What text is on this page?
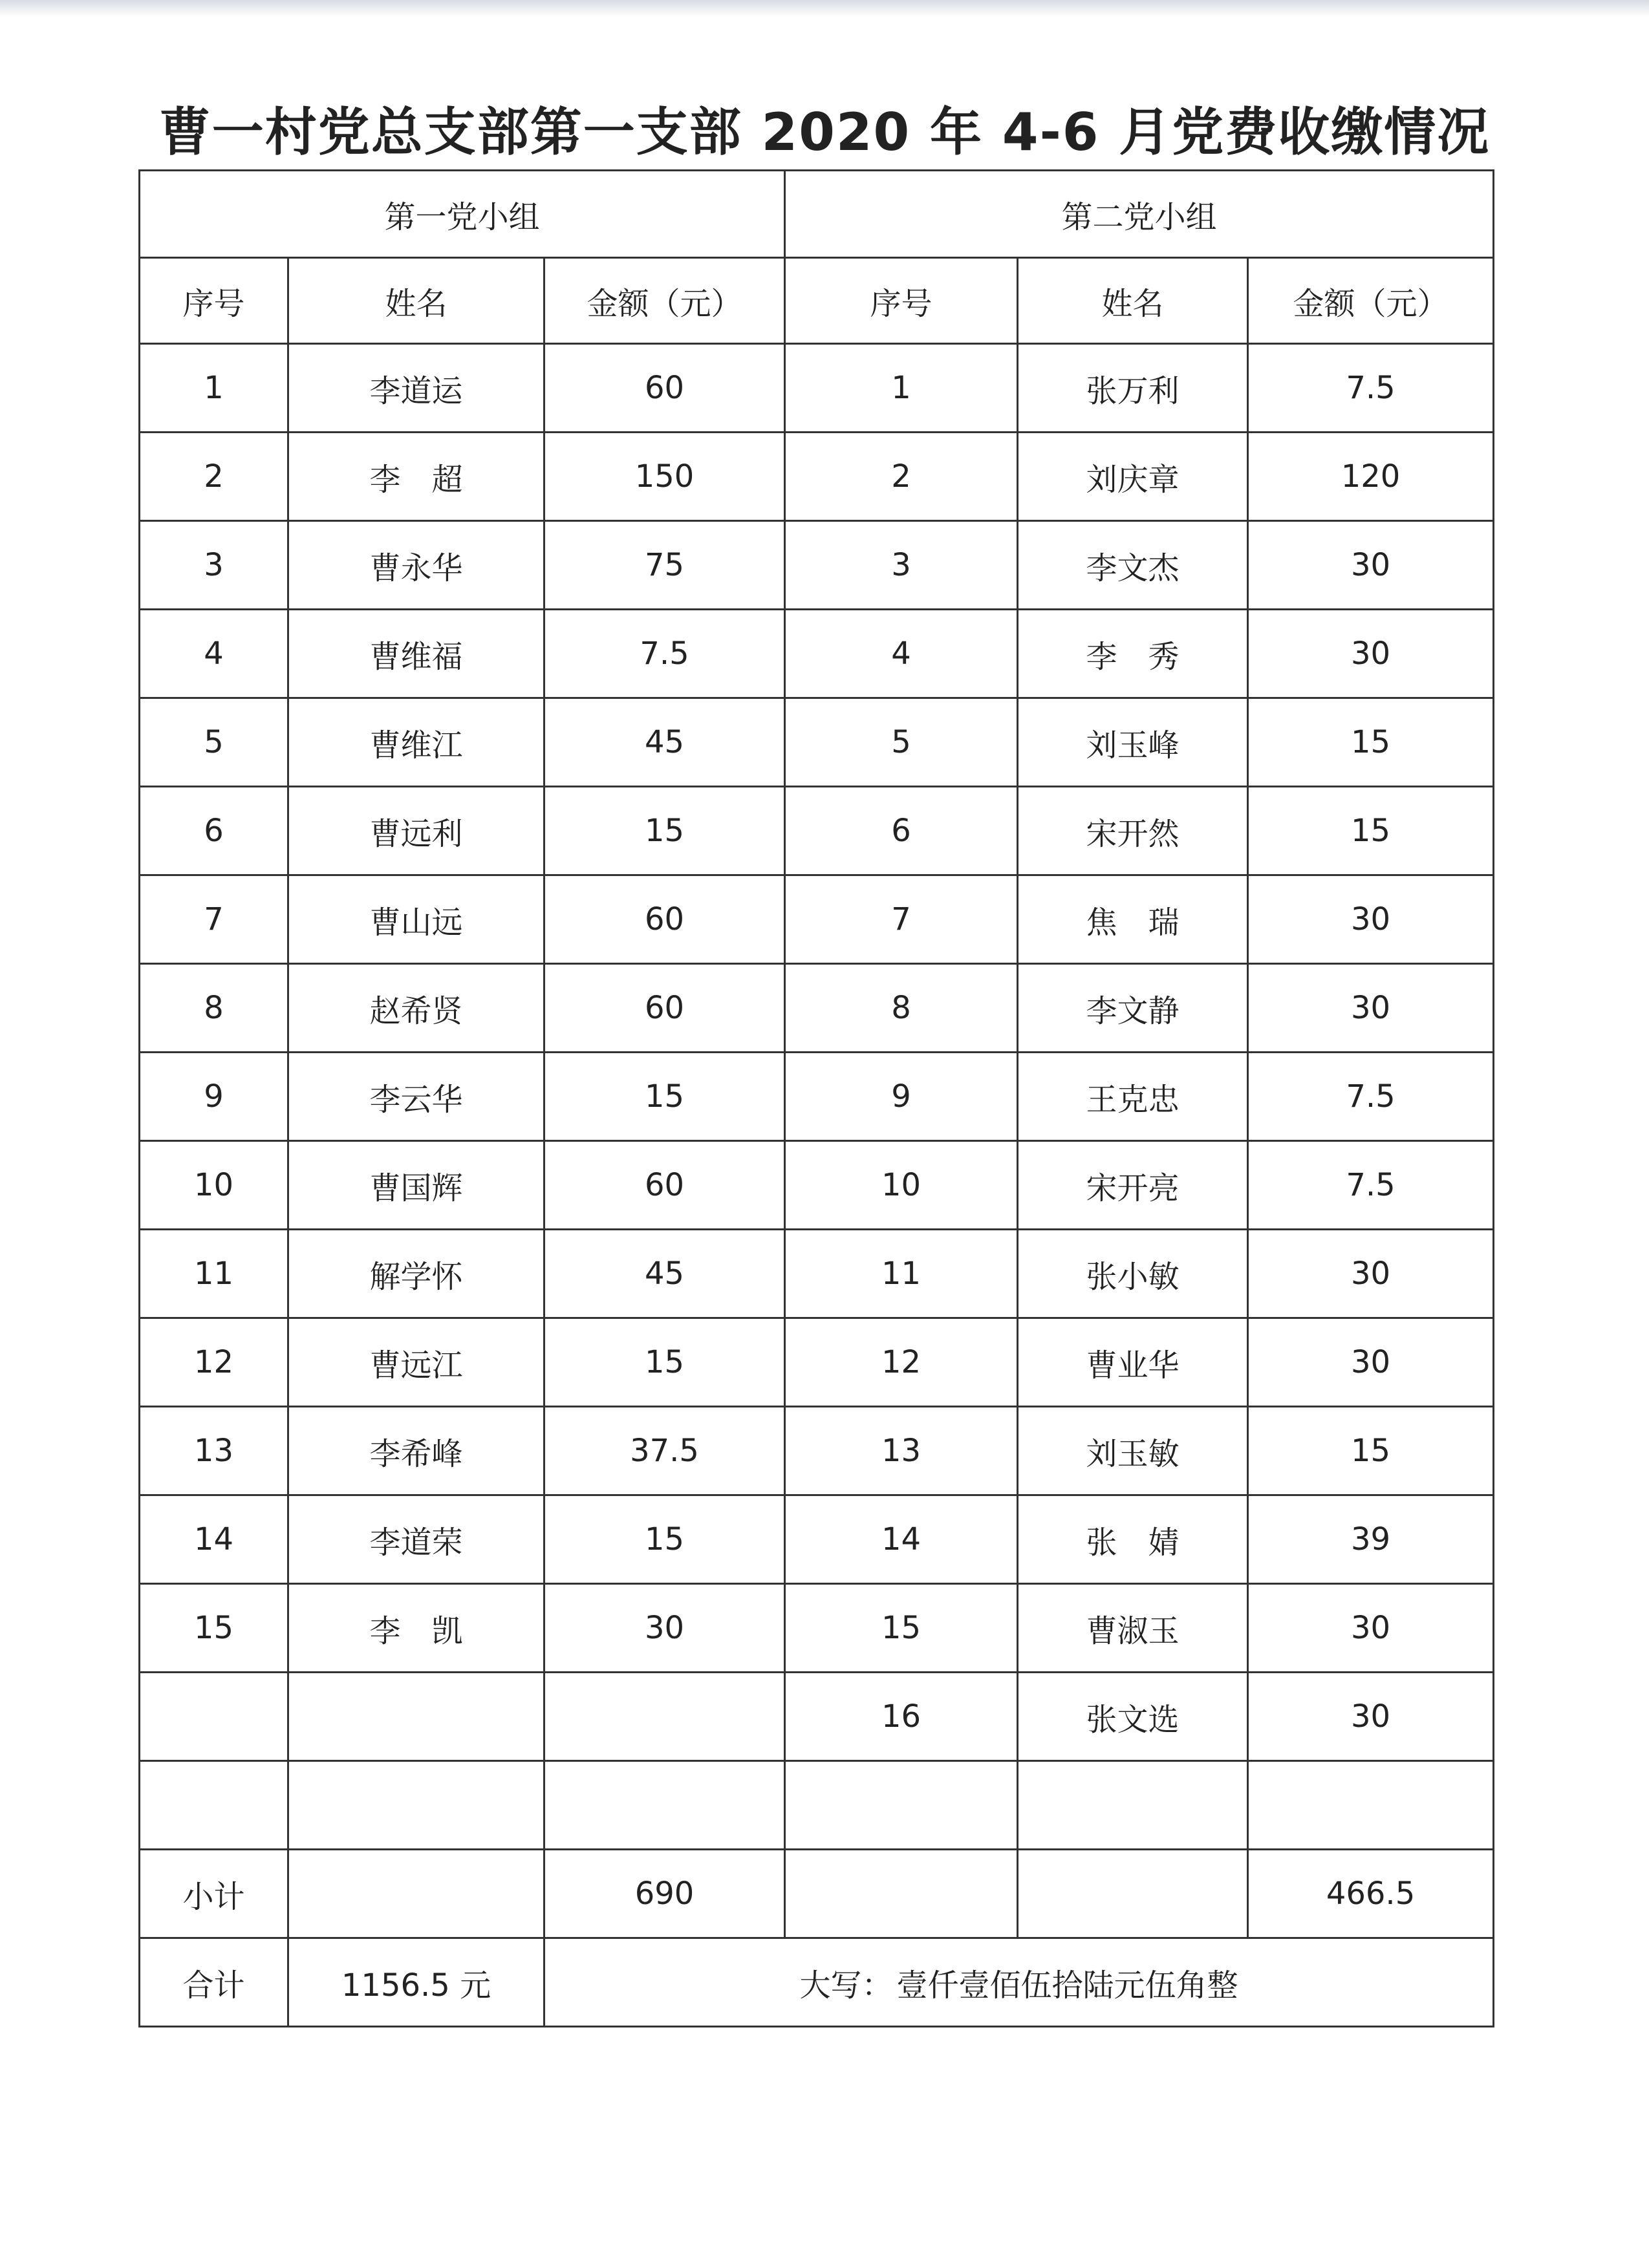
曹一村党总支部第一支部 2020 年 4-6 月党费收缴情况
第一党小组			第二党小组		
序号	姓名	金额（元）	序号	姓名	金额（元）
1	李道运	60	1	张万利	7.5
2	李　超	150	2	刘庆章	120
3	曹永华	75	3	李文杰	30
4	曹维福	7.5	4	李　秀	30
5	曹维江	45	5	刘玉峰	15
6	曹远利	15	6	宋开然	15
7	曹山远	60	7	焦　瑞	30
8	赵希贤	60	8	李文静	30
9	李云华	15	9	王克忠	7.5
10	曹国辉	60	10	宋开亮	7.5
11	解学怀	45	11	张小敏	30
12	曹远江	15	12	曹业华	30
13	李希峰	37.5	13	刘玉敏	15
14	李道荣	15	14	张　婧	39
15	李　凯	30	15	曹淑玉	30
			16	张文选	30

小计		690			466.5
合计	1156.5 元	大写： 壹仟壹佰伍拾陆元伍角整			
